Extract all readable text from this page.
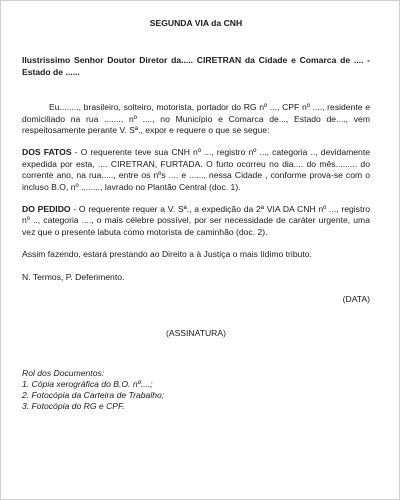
SEGUNDA VIA da CNH
Ilustríssimo Senhor Doutor Diretor da..... CIRETRAN da Cidade e Comarca de .... - Estado de ......

Eu........, brasileiro, solteiro, motorista, portador do RG nº ..., CPF nº ...., residente e domiciliado na rua ......., nº ...., no Município e Comarca de..., Estado de...., vem respeitosamente perante V. Sª., expor e requere o que se segue:

DOS FATOS - O requerente teve sua CNH nº ..., registro nº ..., categoria .., devidamente expedida por esta, .... CIRETRAN, FURTADA. O furto ocorreu no dia.... do mês......... do corrente ano, na rua....., entre os nºs .... e ......, nessa Cidade , conforme prova-se com o incluso B.O, nº ........, lavrado no Plantão Central (doc. 1).

DO PEDIDO - O requerente requer a V. Sª., a expedição da 2ª VIA DA CNH nº ..., registro nº .., categoria ...., o mais célebre possível, por ser necessidade de caráter urgente, uma vez que o presente labuta como motorista de caminhão (doc. 2).

Assim fazendo, estará prestando ao Direito a à Justiça o mais lídimo tributo.

N. Termos, P. Deferimento.

(DATA)
(ASSINATURA)
Rol dos Documentos:
1. Cópia xerográfica do B.O. nº....;
2. Fotocópia da Carteira de Trabalho;
3. Fotocópia do RG e CPF.
